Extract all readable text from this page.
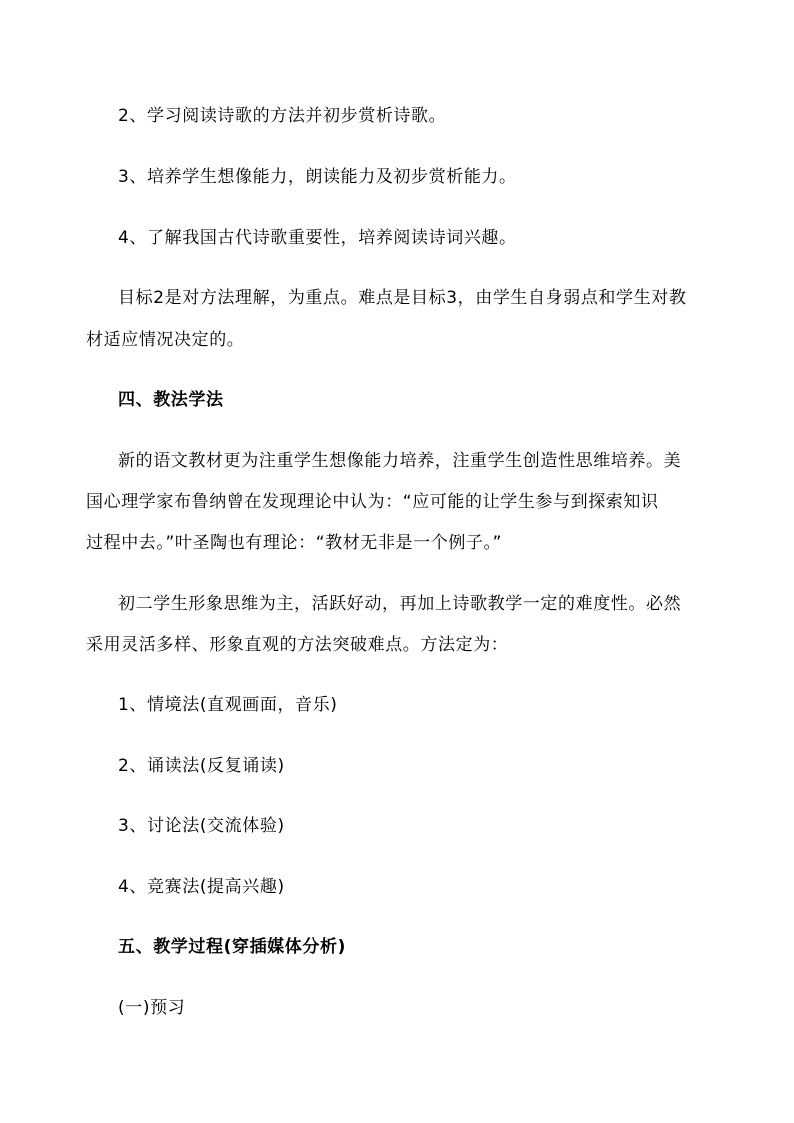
2、学习阅读诗歌的方法并初步赏析诗歌。
3、培养学生想像能力，朗读能力及初步赏析能力。
4、了解我国古代诗歌重要性，培养阅读诗词兴趣。
目标2是对方法理解，为重点。难点是目标3，由学生自身弱点和学生对教
材适应情况决定的。
四、教法学法
新的语文教材更为注重学生想像能力培养，注重学生创造性思维培养。美
国心理学家布鲁纳曾在发现理论中认为：“应可能的让学生参与到探索知识
过程中去。”叶圣陶也有理论：“教材无非是一个例子。”
初二学生形象思维为主，活跃好动，再加上诗歌教学一定的难度性。必然
采用灵活多样、形象直观的方法突破难点。方法定为：
1、情境法(直观画面，音乐)
2、诵读法(反复诵读)
3、讨论法(交流体验)
4、竞赛法(提高兴趣)
五、教学过程(穿插媒体分析)
(一)预习
